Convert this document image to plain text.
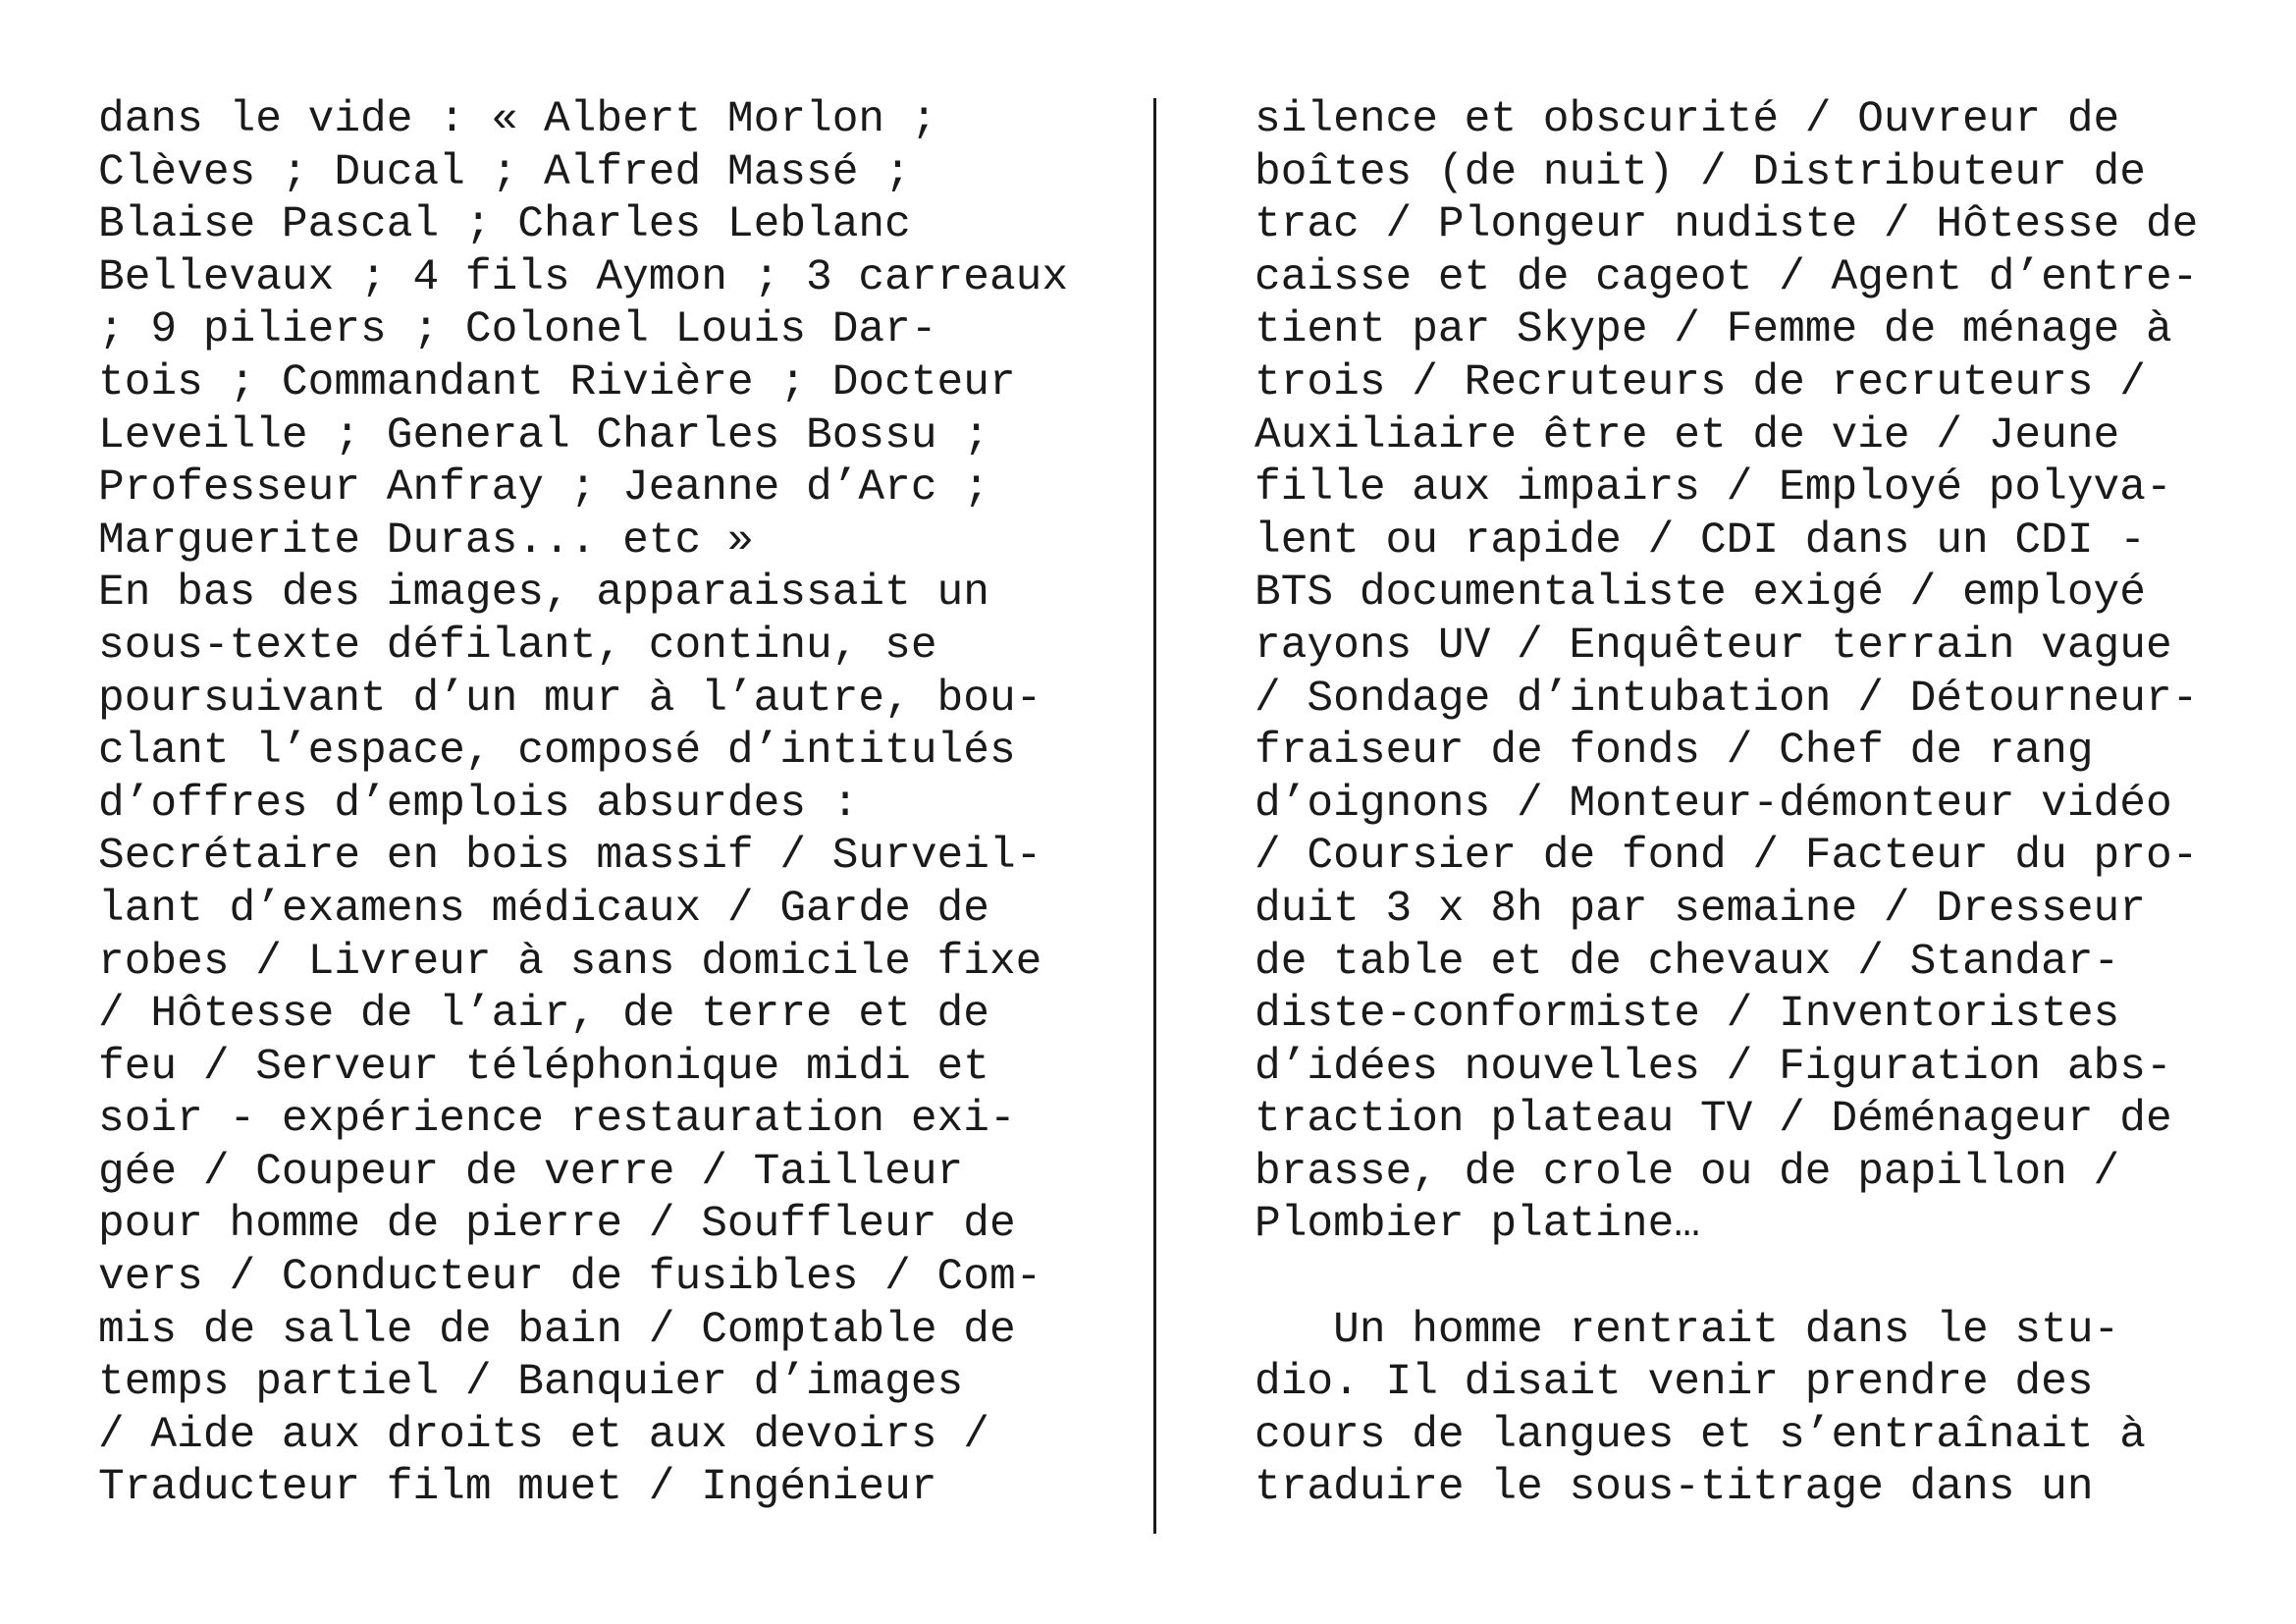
dans le vide : « Albert Morlon ;
Clèves ; Ducal ; Alfred Massé ;
Blaise Pascal ; Charles Leblanc
Bellevaux ; 4 fils Aymon ; 3 carreaux
; 9 piliers ; Colonel Louis Dar-
tois ; Commandant Rivière ; Docteur
Leveille ; General Charles Bossu ;
Professeur Anfray ; Jeanne d’Arc ;
Marguerite Duras... etc »
En bas des images, apparaissait un
sous-texte défilant, continu, se
poursuivant d’un mur à l’autre, bou-
clant l’espace, composé d’intitulés
d’offres d’emplois absurdes :
Secrétaire en bois massif / Surveil-
lant d’examens médicaux / Garde de
robes / Livreur à sans domicile fixe
/ Hôtesse de l’air, de terre et de
feu / Serveur téléphonique midi et
soir - expérience restauration exi-
gée / Coupeur de verre / Tailleur
pour homme de pierre / Souffleur de
vers / Conducteur de fusibles / Com-
mis de salle de bain / Comptable de
temps partiel / Banquier d’images
/ Aide aux droits et aux devoirs /
Traducteur film muet / Ingénieur
silence et obscurité / Ouvreur de
boîtes (de nuit) / Distributeur de
trac / Plongeur nudiste / Hôtesse de
caisse et de cageot / Agent d’entre-
tient par Skype / Femme de ménage à
trois / Recruteurs de recruteurs /
Auxiliaire être et de vie / Jeune
fille aux impairs / Employé polyva-
lent ou rapide / CDI dans un CDI -
BTS documentaliste exigé / employé
rayons UV / Enquêteur terrain vague
/ Sondage d’intubation / Détourneur-
fraiseur de fonds / Chef de rang
d’oignons / Monteur-démonteur vidéo
/ Coursier de fond / Facteur du pro-
duit 3 x 8h par semaine / Dresseur
de table et de chevaux / Standar-
diste-conformiste / Inventoristes
d’idées nouvelles / Figuration abs-
traction plateau TV / Déménageur de
brasse, de crole ou de papillon /
Plombier platine…
Un homme rentrait dans le stu-
dio. Il disait venir prendre des
cours de langues et s’entraînait à
traduire le sous-titrage dans un
